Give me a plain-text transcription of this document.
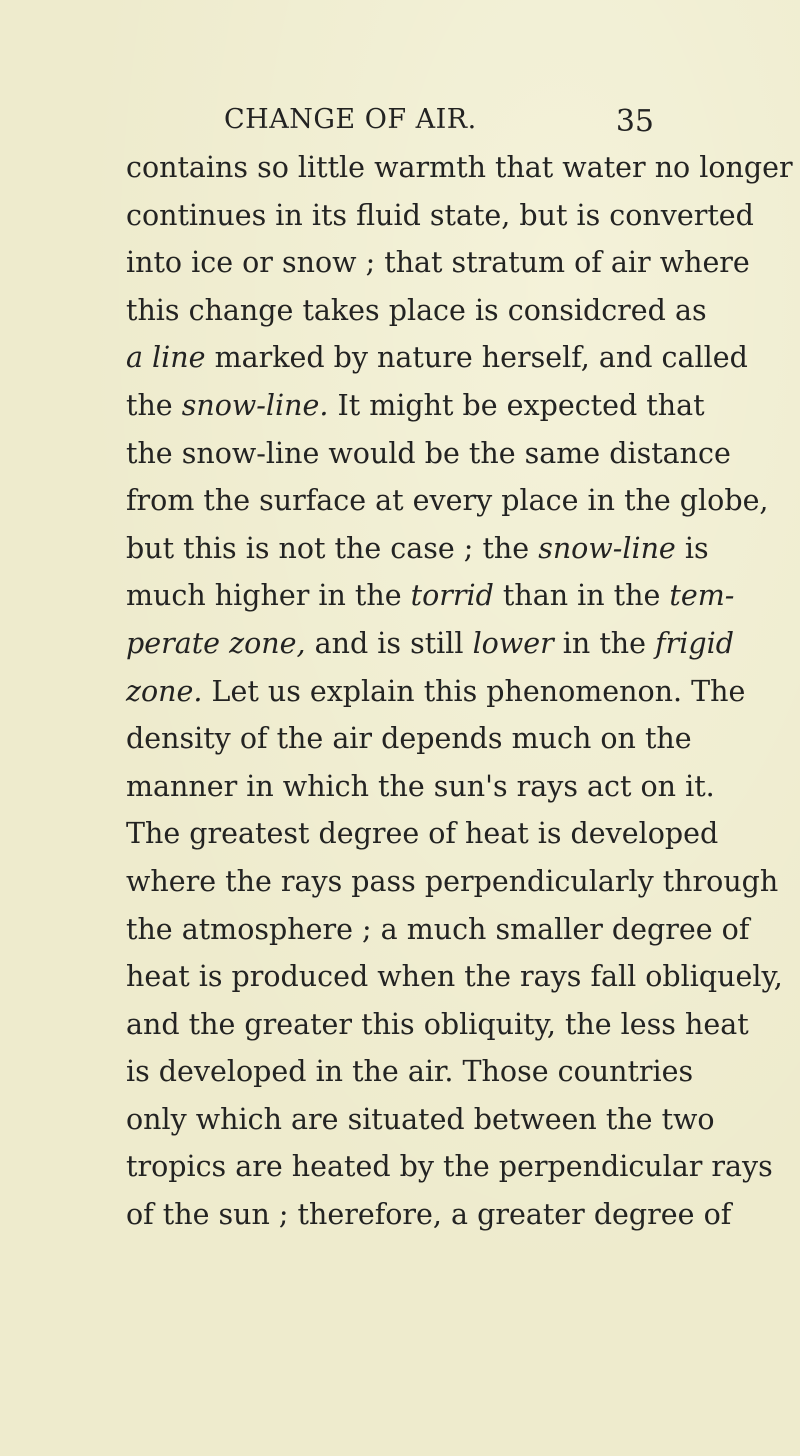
CHANGE OF AIR.	35
contains so little warmth that water no longer
continues in its fluid state, but is converted
into ice or snow ; that stratum of air where
this change takes place is considcred as
a line marked by nature herself, and called
the snow-line. It might be expected that
the snow-line would be the same distance
from the surface at every place in the globe,
but this is not the case ; the snow-line is
much higher in the torrid than in the tem-
perate zone, and is still lower in the frigid
zone. Let us explain this phenomenon. The
density of the air depends much on the
manner in which the sun's rays act on it.
The greatest degree of heat is developed
where the rays pass perpendicularly through
the atmosphere ; a much smaller degree of
heat is produced when the rays fall obliquely,
and the greater this obliquity, the less heat
is developed in the air. Those countries
only which are situated between the two
tropics are heated by the perpendicular rays
of the sun ; therefore, a greater degree of
